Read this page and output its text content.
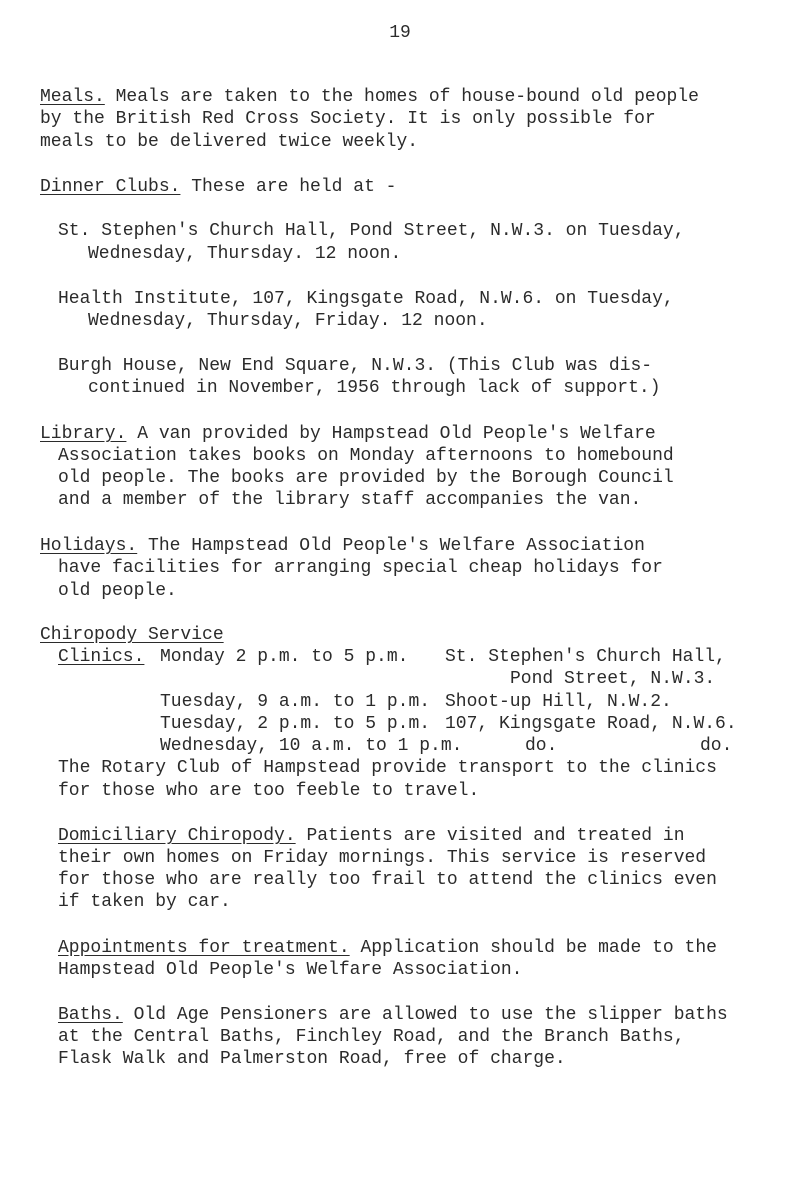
19
Meals. Meals are taken to the homes of house-bound old people
by the British Red Cross Society. It is only possible for
meals to be delivered twice weekly.
Dinner Clubs. These are held at -
St. Stephen's Church Hall, Pond Street, N.W.3. on Tuesday,
Wednesday, Thursday. 12 noon.
Health Institute, 107, Kingsgate Road, N.W.6. on Tuesday,
Wednesday, Thursday, Friday. 12 noon.
Burgh House, New End Square, N.W.3. (This Club was dis-
continued in November, 1956 through lack of support.)
Library. A van provided by Hampstead Old People's Welfare
Association takes books on Monday afternoons to homebound
old people. The books are provided by the Borough Council
and a member of the library staff accompanies the van.
Holidays. The Hampstead Old People's Welfare Association
have facilities for arranging special cheap holidays for
old people.
Chiropody Service
Clinics. Monday 2 p.m. to 5 p.m. St. Stephen's Church Hall,
Pond Street, N.W.3.
Tuesday, 9 a.m. to 1 p.m. Shoot-up Hill, N.W.2.
Tuesday, 2 p.m. to 5 p.m. 107, Kingsgate Road, N.W.6.
Wednesday, 10 a.m. to 1 p.m.	do.	do.
The Rotary Club of Hampstead provide transport to the clinics
for those who are too feeble to travel.
Domiciliary Chiropody. Patients are visited and treated in
their own homes on Friday mornings. This service is reserved
for those who are really too frail to attend the clinics even
if taken by car.
Appointments for treatment. Application should be made to the
Hampstead Old People's Welfare Association.
Baths. Old Age Pensioners are allowed to use the slipper baths
at the Central Baths, Finchley Road, and the Branch Baths,
Flask Walk and Palmerston Road, free of charge.
